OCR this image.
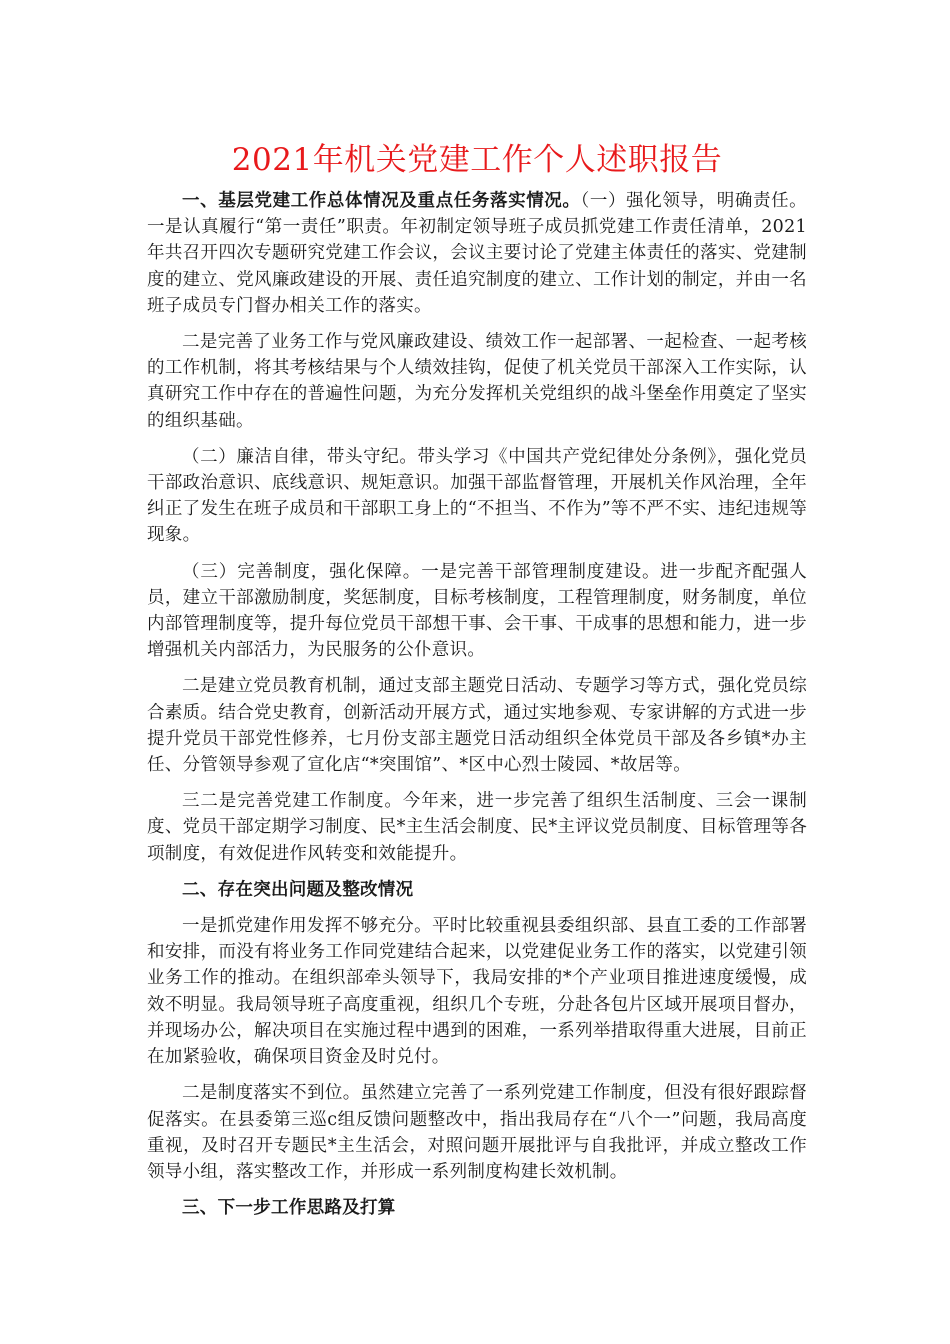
2021年机关党建工作个人述职报告

一、基层党建工作总体情况及重点任务落实情况。（一）强化领导，明确责任。一是认真履行“第一责任”职责。年初制定领导班子成员抓党建工作责任清单，2021年共召开四次专题研究党建工作会议，会议主要讨论了党建主体责任的落实、党建制度的建立、党风廉政建设的开展、责任追究制度的建立、工作计划的制定，并由一名班子成员专门督办相关工作的落实。

二是完善了业务工作与党风廉政建设、绩效工作一起部署、一起检查、一起考核的工作机制，将其考核结果与个人绩效挂钩，促使了机关党员干部深入工作实际，认真研究工作中存在的普遍性问题，为充分发挥机关党组织的战斗堡垒作用奠定了坚实的组织基础。

（二）廉洁自律，带头守纪。带头学习《中国共产党纪律处分条例》，强化党员干部政治意识、底线意识、规矩意识。加强干部监督管理，开展机关作风治理，全年纠正了发生在班子成员和干部职工身上的“不担当、不作为”等不严不实、违纪违规等现象。

（三）完善制度，强化保障。一是完善干部管理制度建设。进一步配齐配强人员，建立干部激励制度，奖惩制度，目标考核制度，工程管理制度，财务制度，单位内部管理制度等，提升每位党员干部想干事、会干事、干成事的思想和能力，进一步增强机关内部活力，为民服务的公仆意识。

二是建立党员教育机制，通过支部主题党日活动、专题学习等方式，强化党员综合素质。结合党史教育，创新活动开展方式，通过实地参观、专家讲解的方式进一步提升党员干部党性修养，七月份支部主题党日活动组织全体党员干部及各乡镇*办主任、分管领导参观了宣化店“*突围馆”、*区中心烈士陵园、*故居等。

三二是完善党建工作制度。今年来，进一步完善了组织生活制度、三会一课制度、党员干部定期学习制度、民*主生活会制度、民*主评议党员制度、目标管理等各项制度，有效促进作风转变和效能提升。

二、存在突出问题及整改情况

一是抓党建作用发挥不够充分。平时比较重视县委组织部、县直工委的工作部署和安排，而没有将业务工作同党建结合起来，以党建促业务工作的落实，以党建引领业务工作的推动。在组织部牵头领导下，我局安排的*个产业项目推进速度缓慢，成效不明显。我局领导班子高度重视，组织几个专班，分赴各包片区域开展项目督办，并现场办公，解决项目在实施过程中遇到的困难，一系列举措取得重大进展，目前正在加紧验收，确保项目资金及时兑付。

二是制度落实不到位。虽然建立完善了一系列党建工作制度，但没有很好跟踪督促落实。在县委第三巡c组反馈问题整改中，指出我局存在“八个一”问题，我局高度重视，及时召开专题民*主生活会，对照问题开展批评与自我批评，并成立整改工作领导小组，落实整改工作，并形成一系列制度构建长效机制。

三、下一步工作思路及打算
